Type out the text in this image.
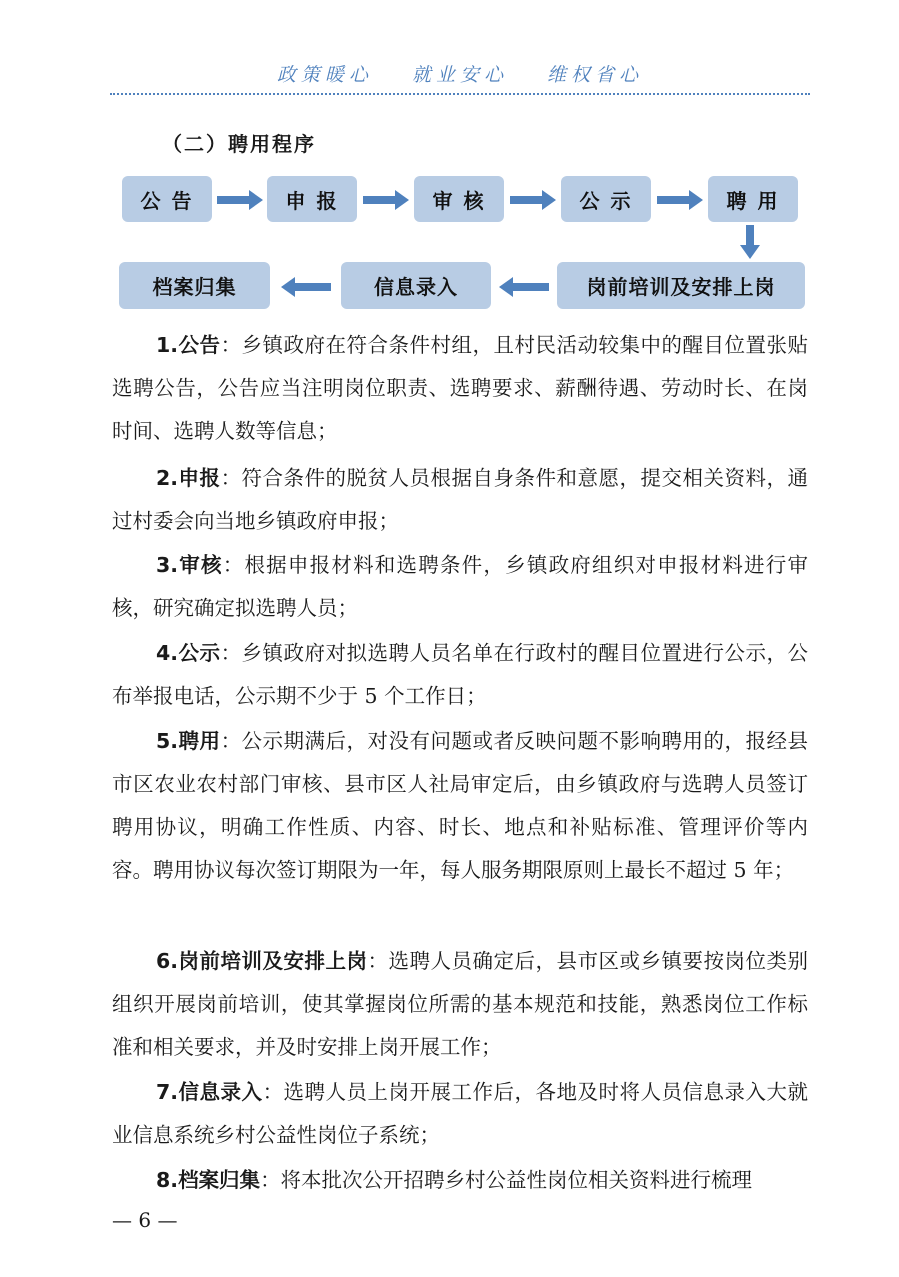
政策暖心 就业安心 维权省心
（二）聘用程序
公 告	申 报	审 核	公 示	聘 用
岗前培训及安排上岗
信息录入
档案归集

1.公告：乡镇政府在符合条件村组，且村民活动较集中的醒目位置张贴选聘公告，公告应当注明岗位职责、选聘要求、薪酬待遇、劳动时长、在岗时间、选聘人数等信息；

2.申报：符合条件的脱贫人员根据自身条件和意愿，提交相关资料，通过村委会向当地乡镇政府申报；

3.审核：根据申报材料和选聘条件，乡镇政府组织对申报材料进行审核，研究确定拟选聘人员；

4.公示：乡镇政府对拟选聘人员名单在行政村的醒目位置进行公示，公布举报电话，公示期不少于 5 个工作日；

5.聘用：公示期满后，对没有问题或者反映问题不影响聘用的，报经县市区农业农村部门审核、县市区人社局审定后，由乡镇政府与选聘人员签订聘用协议，明确工作性质、内容、时长、地点和补贴标准、管理评价等内容。聘用协议每次签订期限为一年，每人服务期限原则上最长不超过 5 年；

6.岗前培训及安排上岗：选聘人员确定后，县市区或乡镇要按岗位类别组织开展岗前培训，使其掌握岗位所需的基本规范和技能，熟悉岗位工作标准和相关要求，并及时安排上岗开展工作；

7.信息录入：选聘人员上岗开展工作后，各地及时将人员信息录入大就业信息系统乡村公益性岗位子系统；

8.档案归集：将本批次公开招聘乡村公益性岗位相关资料进行梳理

— 6 —
